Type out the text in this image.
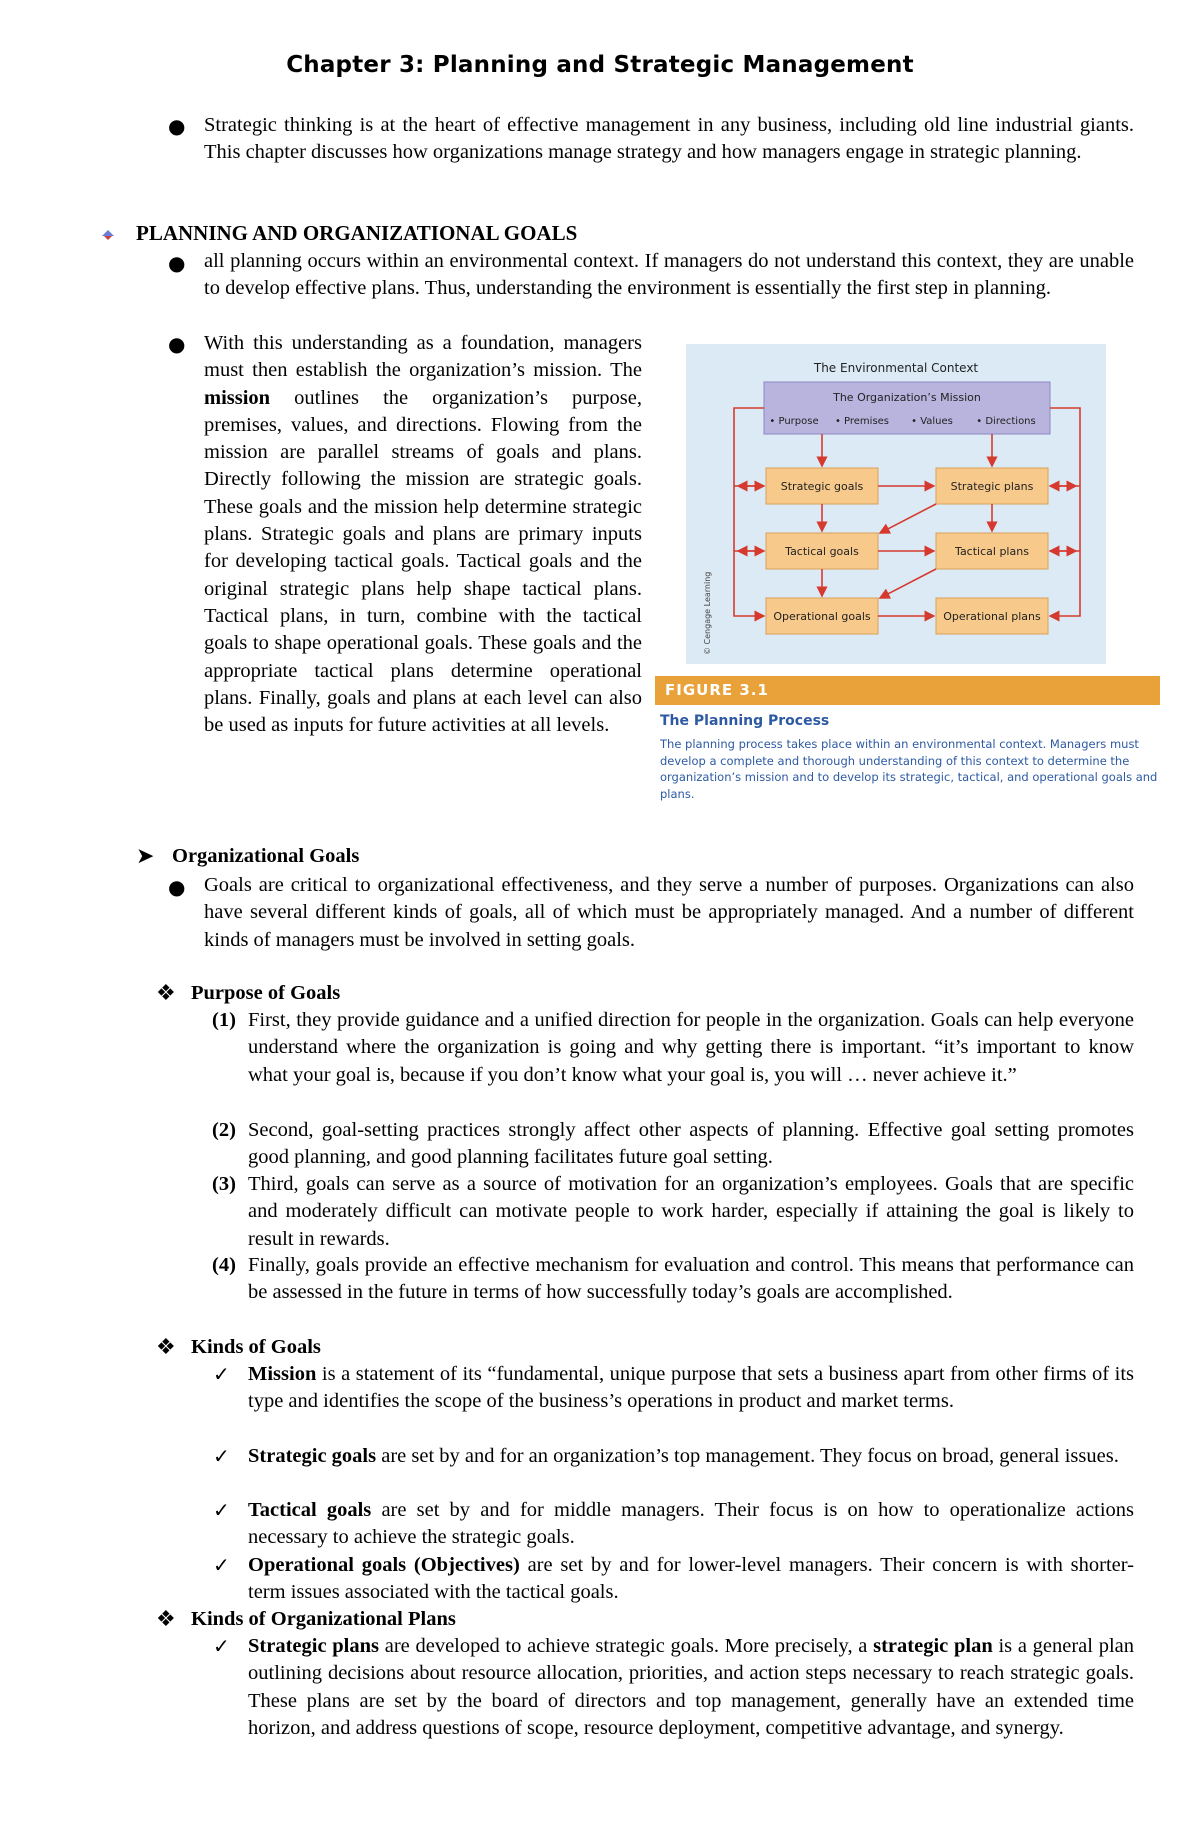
Chapter 3: Planning and Strategic Management
● Strategic thinking is at the heart of effective management in any business, including old line industrial giants. This chapter discusses how organizations manage strategy and how managers engage in strategic planning.
PLANNING AND ORGANIZATIONAL GOALS
● all planning occurs within an environmental context. If managers do not understand this context, they are unable to develop effective plans. Thus, understanding the environment is essentially the first step in planning.
● With this understanding as a foundation, managers must then establish the organization’s mission. The mission outlines the organization’s purpose, premises, values, and directions. Flowing from the mission are parallel streams of goals and plans. Directly following the mission are strategic goals. These goals and the mission help determine strategic plans. Strategic goals and plans are primary inputs for developing tactical goals. Tactical goals and the original strategic plans help shape tactical plans. Tactical plans, in turn, combine with the tactical goals to shape operational goals. These goals and the appropriate tactical plans determine operational plans. Finally, goals and plans at each level can also be used as inputs for future activities at all levels.
The Environmental Context
The Organization’s Mission
• Purpose • Premises • Values • Directions
Strategic goals	Strategic plans
Tactical goals	Tactical plans
Operational goals	Operational plans
FIGURE 3.1
The Planning Process
The planning process takes place within an environmental context. Managers must develop a complete and thorough understanding of this context to determine the organization’s mission and to develop its strategic, tactical, and operational goals and plans.
➤ Organizational Goals
● Goals are critical to organizational effectiveness, and they serve a number of purposes. Organizations can also have several different kinds of goals, all of which must be appropriately managed. And a number of different kinds of managers must be involved in setting goals.
❖ Purpose of Goals
(1) First, they provide guidance and a unified direction for people in the organization. Goals can help everyone understand where the organization is going and why getting there is important. “it’s important to know what your goal is, because if you don’t know what your goal is, you will … never achieve it.”
(2) Second, goal-setting practices strongly affect other aspects of planning. Effective goal setting promotes good planning, and good planning facilitates future goal setting.
(3) Third, goals can serve as a source of motivation for an organization’s employees. Goals that are specific and moderately difficult can motivate people to work harder, especially if attaining the goal is likely to result in rewards.
(4) Finally, goals provide an effective mechanism for evaluation and control. This means that performance can be assessed in the future in terms of how successfully today’s goals are accomplished.
❖ Kinds of Goals
✓ Mission is a statement of its “fundamental, unique purpose that sets a business apart from other firms of its type and identifies the scope of the business’s operations in product and market terms.
✓ Strategic goals are set by and for an organization’s top management. They focus on broad, general issues.
✓ Tactical goals are set by and for middle managers. Their focus is on how to operationalize actions necessary to achieve the strategic goals.
✓ Operational goals (Objectives) are set by and for lower-level managers. Their concern is with shorter-term issues associated with the tactical goals.
❖ Kinds of Organizational Plans
✓ Strategic plans are developed to achieve strategic goals. More precisely, a strategic plan is a general plan outlining decisions about resource allocation, priorities, and action steps necessary to reach strategic goals. These plans are set by the board of directors and top management, generally have an extended time horizon, and address questions of scope, resource deployment, competitive advantage, and synergy.
